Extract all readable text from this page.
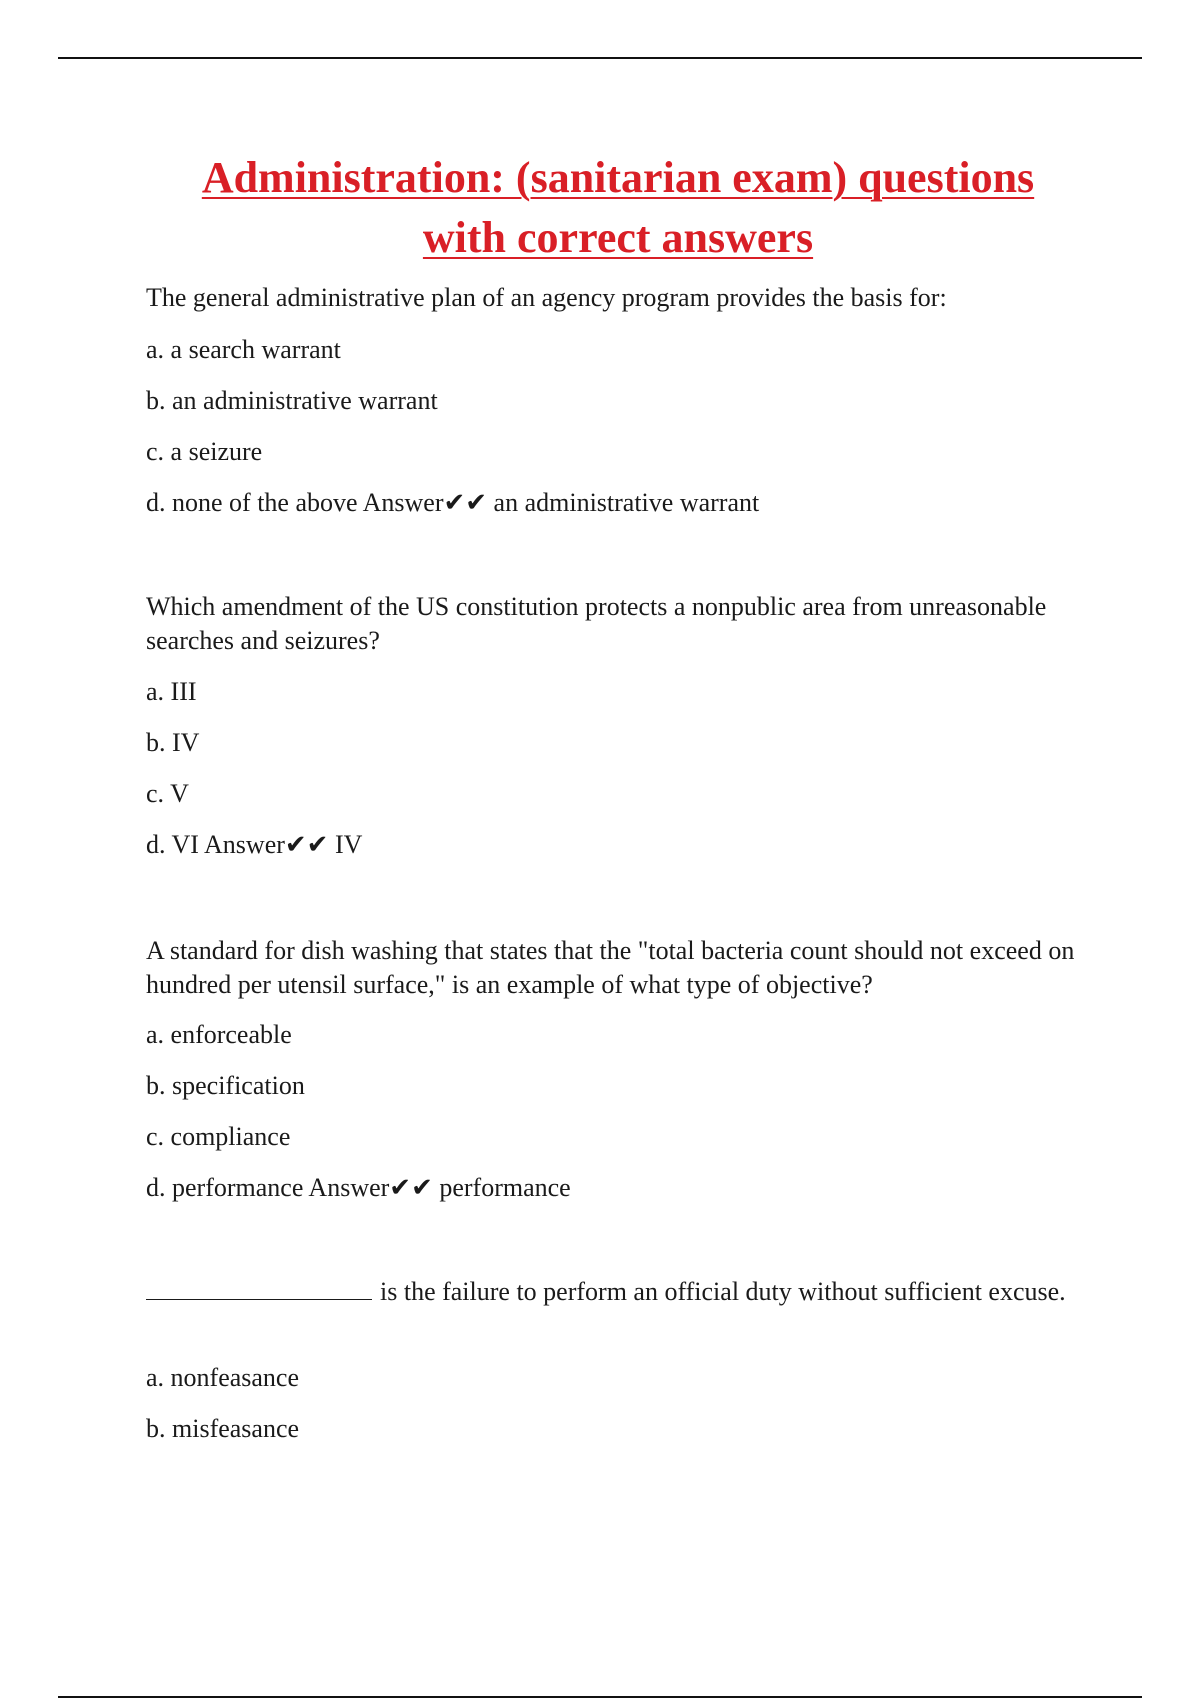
Administration: (sanitarian exam) questions
with correct answers

The general administrative plan of an agency program provides the basis for:

a. a search warrant

b. an administrative warrant

c. a seizure

d. none of the above Answer✔✔ an administrative warrant

Which amendment of the US constitution protects a nonpublic area from unreasonable searches and seizures?

a. III

b. IV

c. V

d. VI Answer✔✔ IV

A standard for dish washing that states that the "total bacteria count should not exceed on hundred per utensil surface," is an example of what type of objective?

a. enforceable

b. specification

c. compliance

d. performance Answer✔✔ performance

is the failure to perform an official duty without sufficient excuse.

a. nonfeasance

b. misfeasance
